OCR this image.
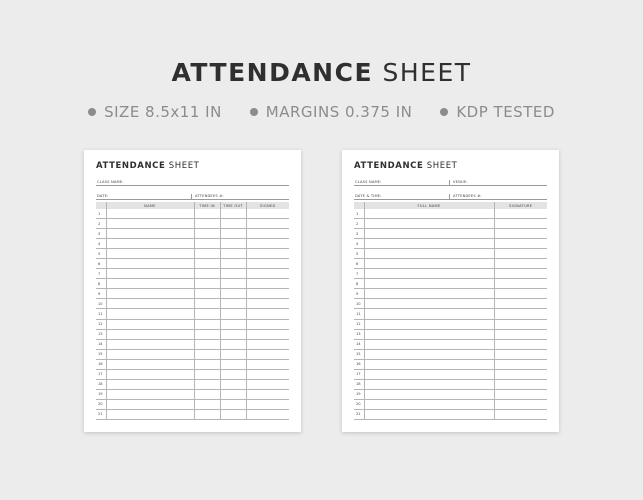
ATTENDANCE SHEET
SIZE 8.5x11 IN	MARGINS 0.375 IN	KDP TESTED
ATTENDANCE SHEET
CLASS NAME:
DATE:	ATTENDEES #:
	NAME	TIME IN	TIME OUT	SIGNED
1				
2				
3				
4				
5				
6				
7				
8				
9				
10				
11				
12				
13				
14				
15				
16				
17				
18				
19				
20				
21				
ATTENDANCE SHEET
CLASS NAME:	VENUE:
DATE & TIME:	ATTENDEES #:
	FULL NAME	SIGNATURE
1		
2		
3		
4		
5		
6		
7		
8		
9		
10		
11		
12		
13		
14		
15		
16		
17		
18		
19		
20		
21		
